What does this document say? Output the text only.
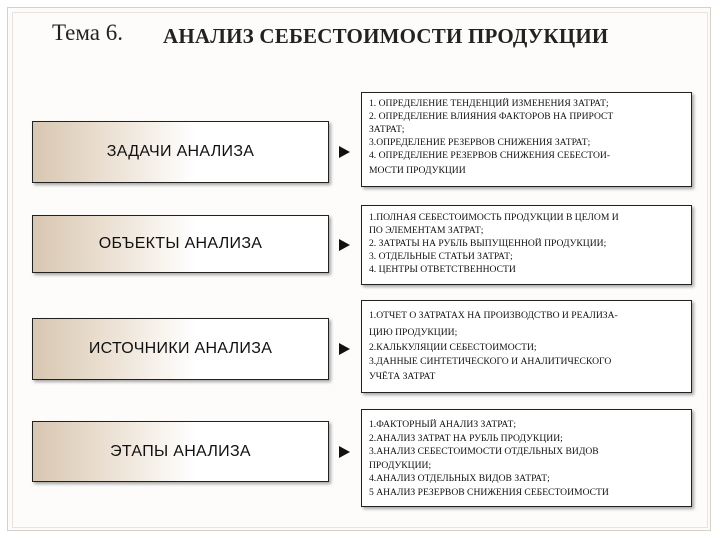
Тема 6. АНАЛИЗ СЕБЕСТОИМОСТИ ПРОДУКЦИИ
ЗАДАЧИ АНАЛИЗА
1. ОПРЕДЕЛЕНИЕ ТЕНДЕНЦИЙ ИЗМЕНЕНИЯ ЗАТРАТ;
2. ОПРЕДЕЛЕНИЕ ВЛИЯНИЯ ФАКТОРОВ НА ПРИРОСТ
ЗАТРАТ;
3.ОПРЕДЕЛЕНИЕ РЕЗЕРВОВ СНИЖЕНИЯ ЗАТРАТ;
4. ОПРЕДЕЛЕНИЕ РЕЗЕРВОВ СНИЖЕНИЯ СЕБЕСТОИ-
МОСТИ ПРОДУКЦИИ
ОБЪЕКТЫ АНАЛИЗА
1.ПОЛНАЯ СЕБЕСТОИМОСТЬ ПРОДУКЦИИ В ЦЕЛОМ И
ПО ЭЛЕМЕНТАМ ЗАТРАТ;
2. ЗАТРАТЫ НА РУБЛЬ ВЫПУЩЕННОЙ ПРОДУКЦИИ;
3. ОТДЕЛЬНЫЕ СТАТЬИ ЗАТРАТ;
4. ЦЕНТРЫ ОТВЕТСТВЕННОСТИ
ИСТОЧНИКИ АНАЛИЗА
1.ОТЧЕТ О ЗАТРАТАХ НА ПРОИЗВОДСТВО И РЕАЛИЗА-
ЦИЮ ПРОДУКЦИИ;
2.КАЛЬКУЛЯЦИИ СЕБЕСТОИМОСТИ;
3.ДАННЫЕ СИНТЕТИЧЕСКОГО И АНАЛИТИЧЕСКОГО
УЧЁТА ЗАТРАТ
ЭТАПЫ АНАЛИЗА
1.ФАКТОРНЫЙ АНАЛИЗ ЗАТРАТ;
2.АНАЛИЗ ЗАТРАТ НА РУБЛЬ ПРОДУКЦИИ;
3.АНАЛИЗ СЕБЕСТОИМОСТИ ОТДЕЛЬНЫХ ВИДОВ
ПРОДУКЦИИ;
4.АНАЛИЗ ОТДЕЛЬНЫХ ВИДОВ ЗАТРАТ;
5 АНАЛИЗ РЕЗЕРВОВ СНИЖЕНИЯ СЕБЕСТОИМОСТИ
